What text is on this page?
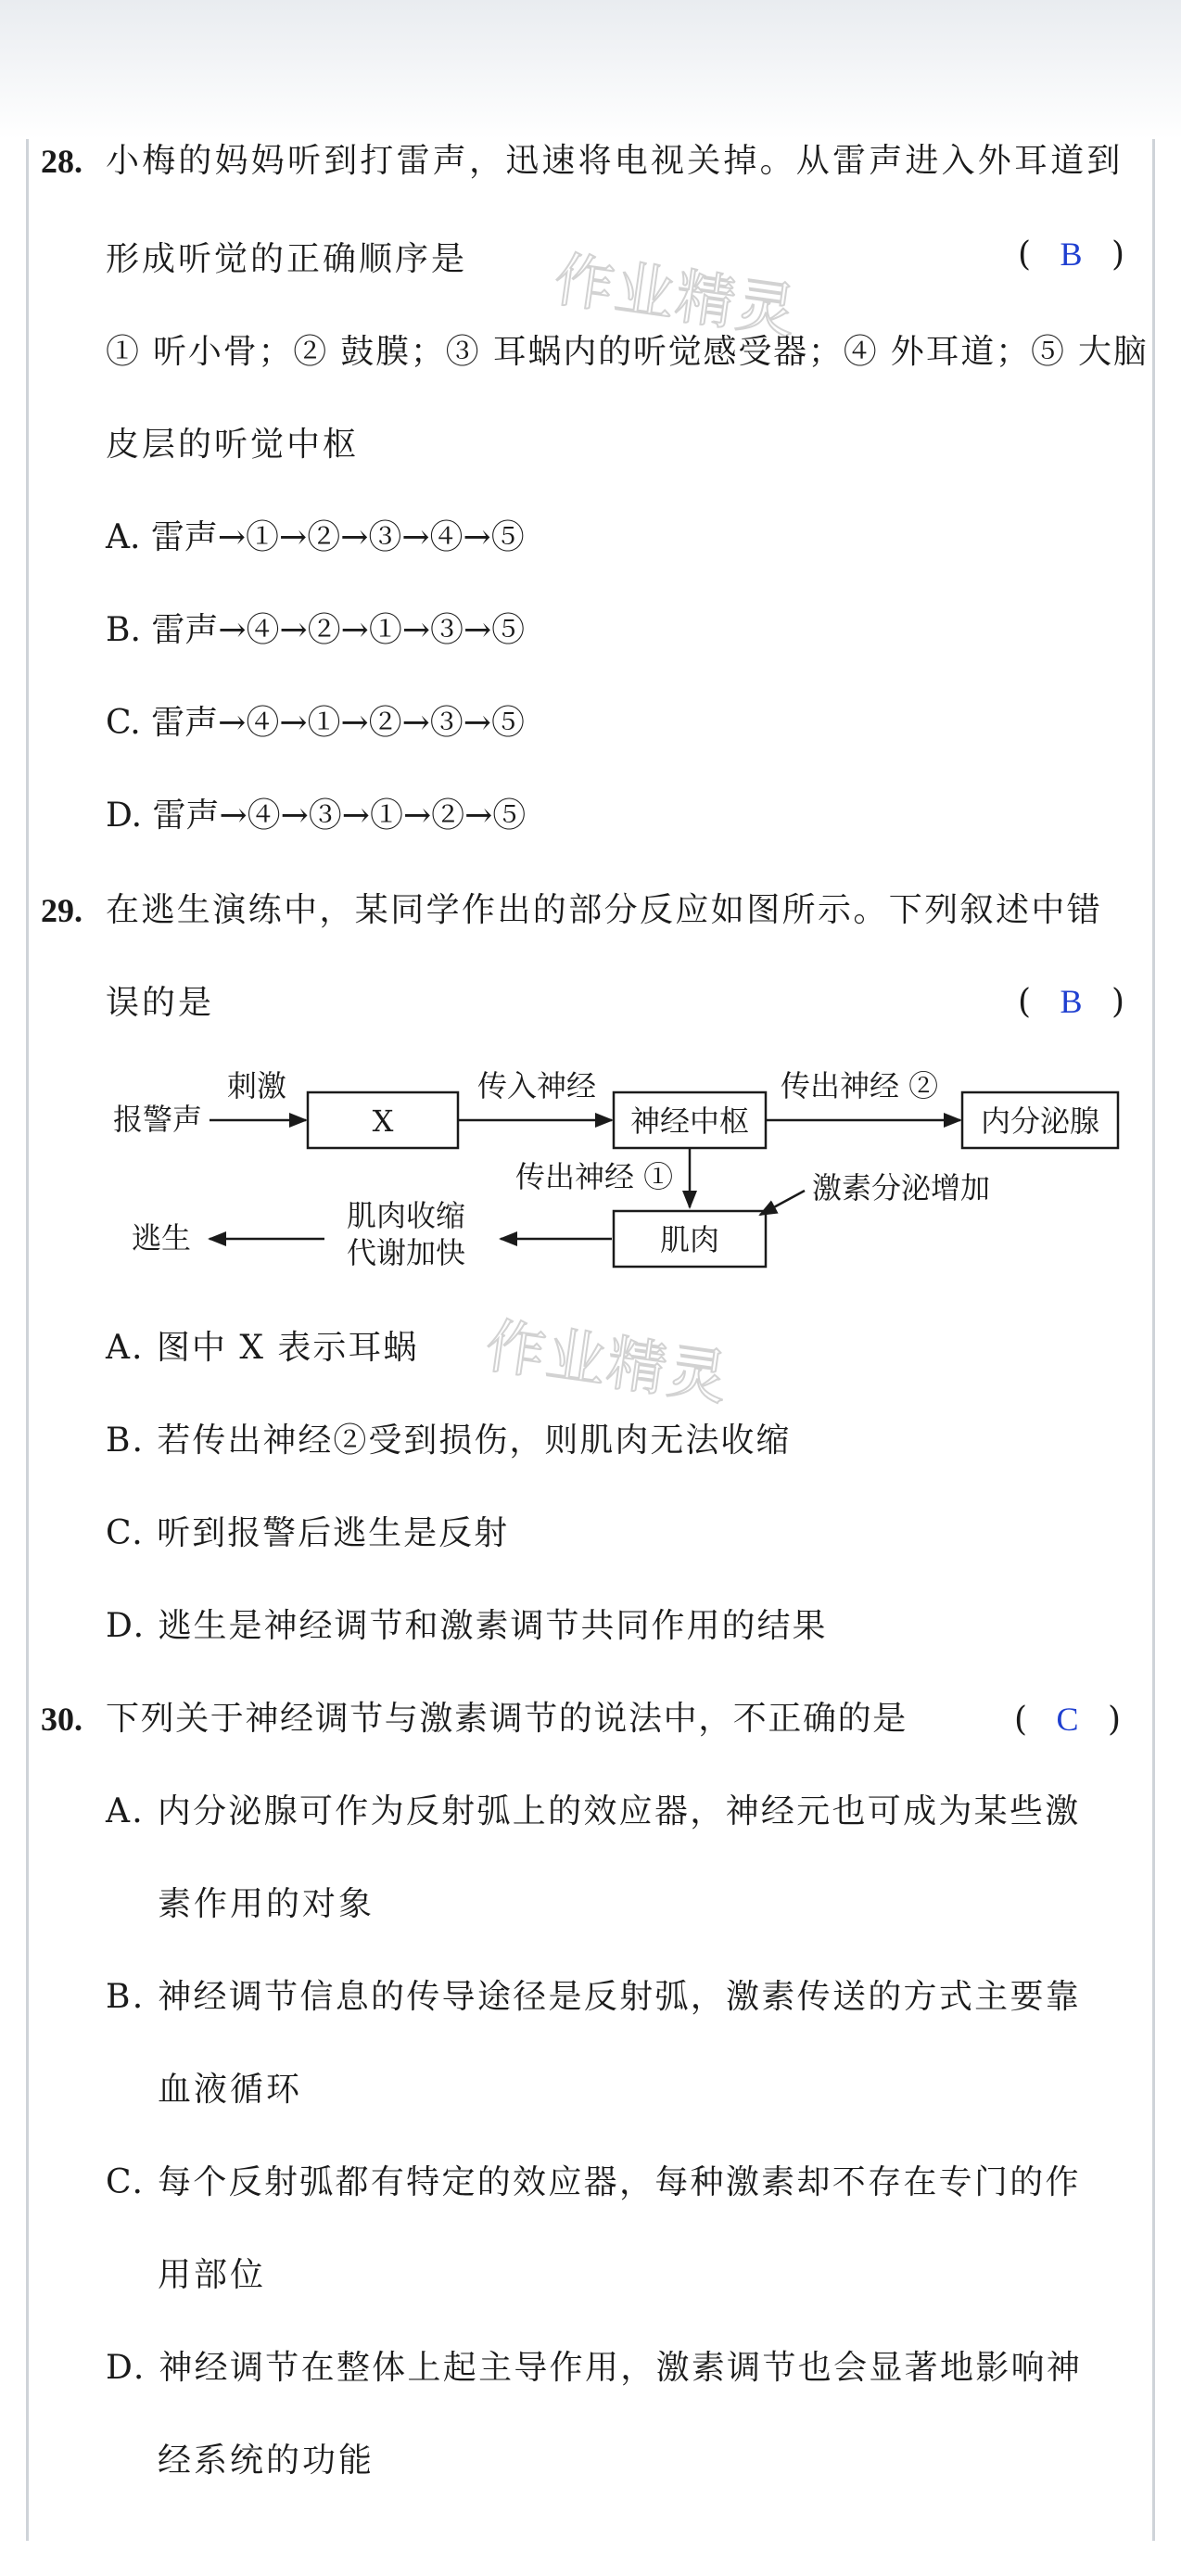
作业精灵
作业精灵
28. 小梅的妈妈听到打雷声，迅速将电视关掉。从雷声进入外耳道到
形成听觉的正确顺序是	( B )
① 听小骨；② 鼓膜；③ 耳蜗内的听觉感受器；④ 外耳道；⑤ 大脑
皮层的听觉中枢
A. 雷声→①→②→③→④→⑤
B. 雷声→④→②→①→③→⑤
C. 雷声→④→①→②→③→⑤
D. 雷声→④→③→①→②→⑤
29. 在逃生演练中，某同学作出的部分反应如图所示。下列叙述中错
误的是	( B )
报警声
刺激
X
传入神经
神经中枢
传出神经 ②
内分泌腺
传出神经 ①	激素分泌增加
肌肉
肌肉收缩
代谢加快
逃生
A. 图中 X 表示耳蜗
B. 若传出神经②受到损伤，则肌肉无法收缩
C. 听到报警后逃生是反射
D. 逃生是神经调节和激素调节共同作用的结果
30. 下列关于神经调节与激素调节的说法中，不正确的是	( C )
A. 内分泌腺可作为反射弧上的效应器，神经元也可成为某些激
素作用的对象
B. 神经调节信息的传导途径是反射弧，激素传送的方式主要靠
血液循环
C. 每个反射弧都有特定的效应器，每种激素却不存在专门的作
用部位
D. 神经调节在整体上起主导作用，激素调节也会显著地影响神
经系统的功能
